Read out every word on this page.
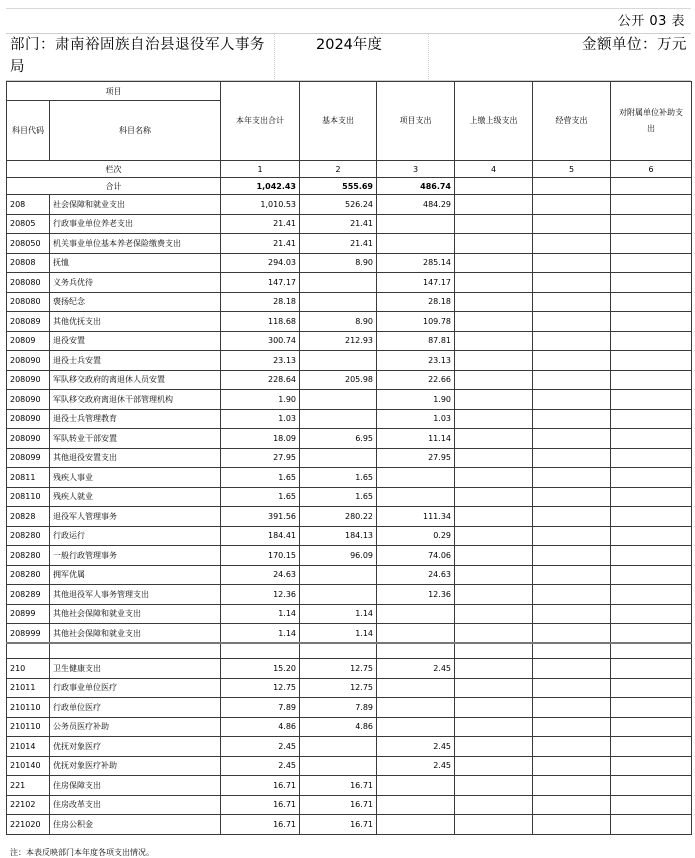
公开 03 表
部门：肃南裕固族自治县退役军人事务局
2024年度	金额单位：万元
项目		本年支出合计	基本支出	项目支出	上缴上级支出	经营支出	对附属单位补助支出
科目代码	科目名称						
栏次		1	2	3	4	5	6
合计		1,042.43	555.69	486.74			
208	社会保障和就业支出	1,010.53	526.24	484.29			
20805	行政事业单位养老支出	21.41	21.41				
208050	机关事业单位基本养老保险缴费支出	21.41	21.41				
20808	抚恤	294.03	8.90	285.14			
208080	义务兵优待	147.17		147.17			
208080	褒扬纪念	28.18		28.18			
208089	其他优抚支出	118.68	8.90	109.78			
20809	退役安置	300.74	212.93	87.81			
208090	退役士兵安置	23.13		23.13			
208090	军队移交政府的离退休人员安置	228.64	205.98	22.66			
208090	军队移交政府离退休干部管理机构	1.90		1.90			
208090	退役士兵管理教育	1.03		1.03			
208090	军队转业干部安置	18.09	6.95	11.14			
208099	其他退役安置支出	27.95		27.95			
20811	残疾人事业	1.65	1.65				
208110	残疾人就业	1.65	1.65				
20828	退役军人管理事务	391.56	280.22	111.34			
208280	行政运行	184.41	184.13	0.29			
208280	一般行政管理事务	170.15	96.09	74.06			
208280	拥军优属	24.63		24.63			
208289	其他退役军人事务管理支出	12.36		12.36			
20899	其他社会保障和就业支出	1.14	1.14				
208999	其他社会保障和就业支出	1.14	1.14				

210	卫生健康支出	15.20	12.75	2.45			
21011	行政事业单位医疗	12.75	12.75				
210110	行政单位医疗	7.89	7.89				
210110	公务员医疗补助	4.86	4.86				
21014	优抚对象医疗	2.45		2.45			
210140	优抚对象医疗补助	2.45		2.45			
221	住房保障支出	16.71	16.71				
22102	住房改革支出	16.71	16.71				
221020	住房公积金	16.71	16.71				
注：本表反映部门本年度各项支出情况。
